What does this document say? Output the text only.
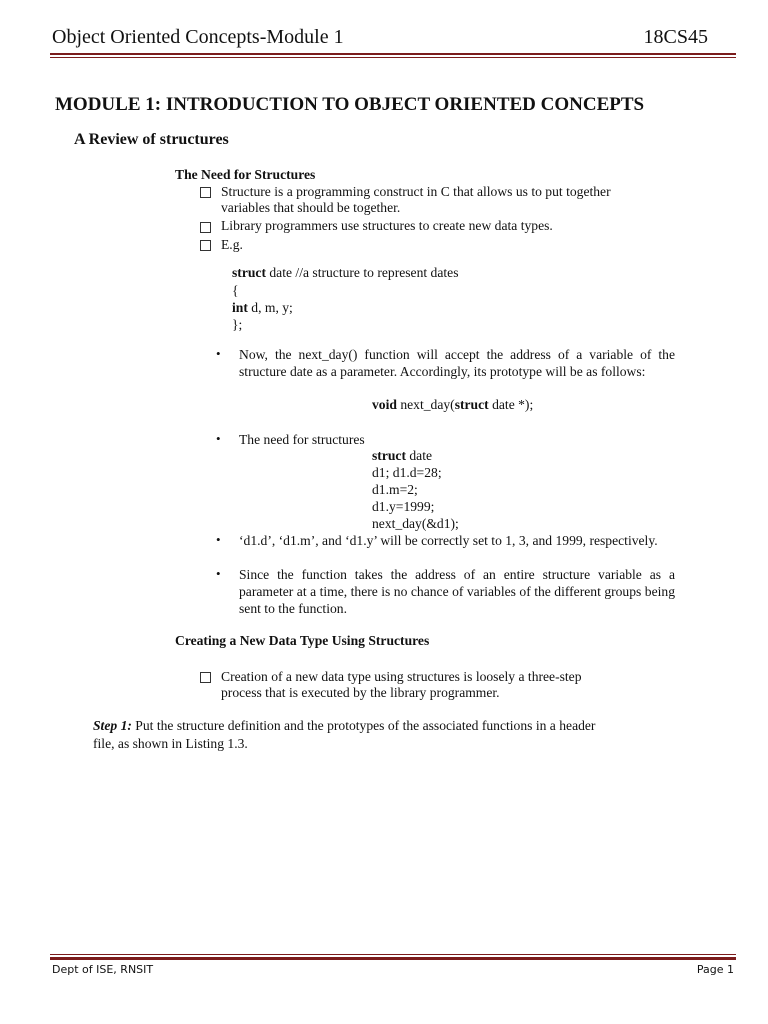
Object Oriented Concepts-Module 1	18CS45
MODULE 1: INTRODUCTION TO OBJECT ORIENTED CONCEPTS
A Review of structures
The Need for Structures
Structure is a programming construct in C that allows us to put together
variables that should be together.
Library programmers use structures to create new data types.
E.g.
struct date //a structure to represent dates
{
int d, m, y;
};
• Now, the next_day() function will accept the address of a variable of the structure date as a parameter. Accordingly, its prototype will be as follows:
void next_day(struct date *);
• The need for structures
struct date
d1; d1.d=28;
d1.m=2;
d1.y=1999;
next_day(&d1);
• ‘d1.d’, ‘d1.m’, and ‘d1.y’ will be correctly set to 1, 3, and 1999, respectively.
• Since the function takes the address of an entire structure variable as a parameter at a time, there is no chance of variables of the different groups being sent to the function.
Creating a New Data Type Using Structures
Creation of a new data type using structures is loosely a three-step
process that is executed by the library programmer.
Step 1: Put the structure definition and the prototypes of the associated functions in a header
file, as shown in Listing 1.3.
Dept of ISE, RNSIT	Page 1
